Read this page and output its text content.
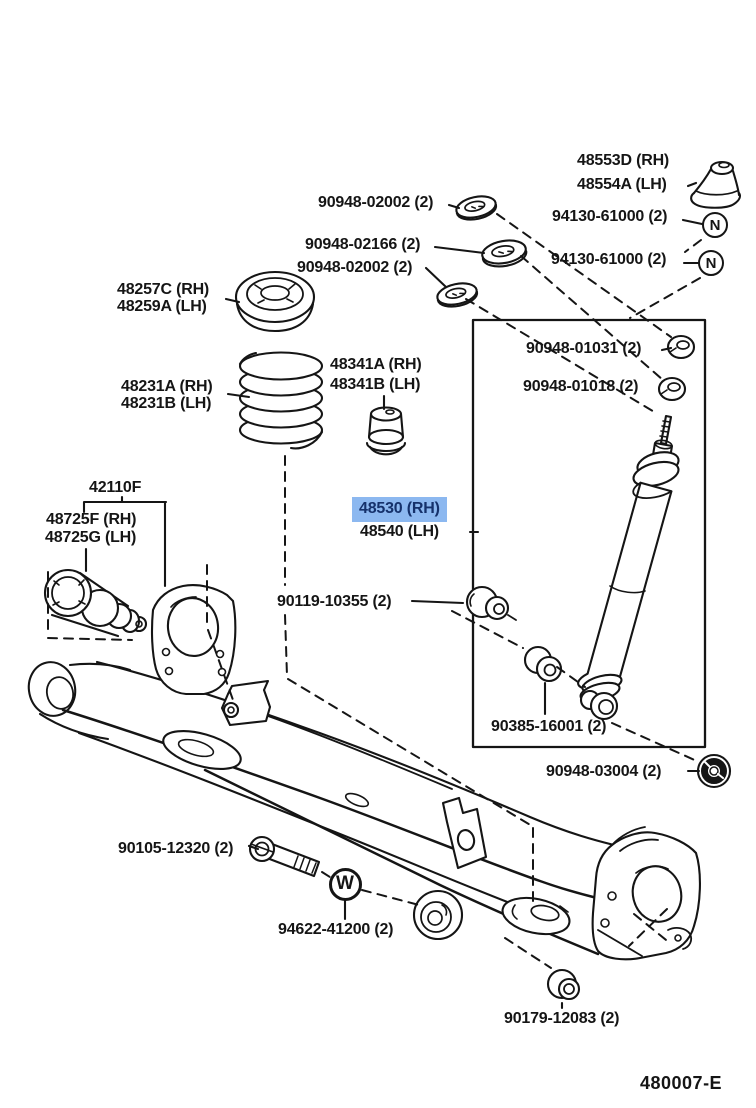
48553D (RH)
48554A (LH)
94130-61000 (2)
94130-61000 (2)
90948-02002 (2)
90948-02166 (2)
90948-02002 (2)
48257C (RH)
48259A (LH)
48231A (RH)
48231B (LH)
48341A (RH)
48341B (LH)
42110F
48725F (RH)
48725G (LH)
48530 (RH)
48540 (LH)
90948-01031 (2)
90948-01018 (2)
90119-10355 (2)
90385-16001 (2)
90948-03004 (2)
90105-12320 (2)
94622-41200 (2)
90179-12083 (2)
N
N
W
480007-E
